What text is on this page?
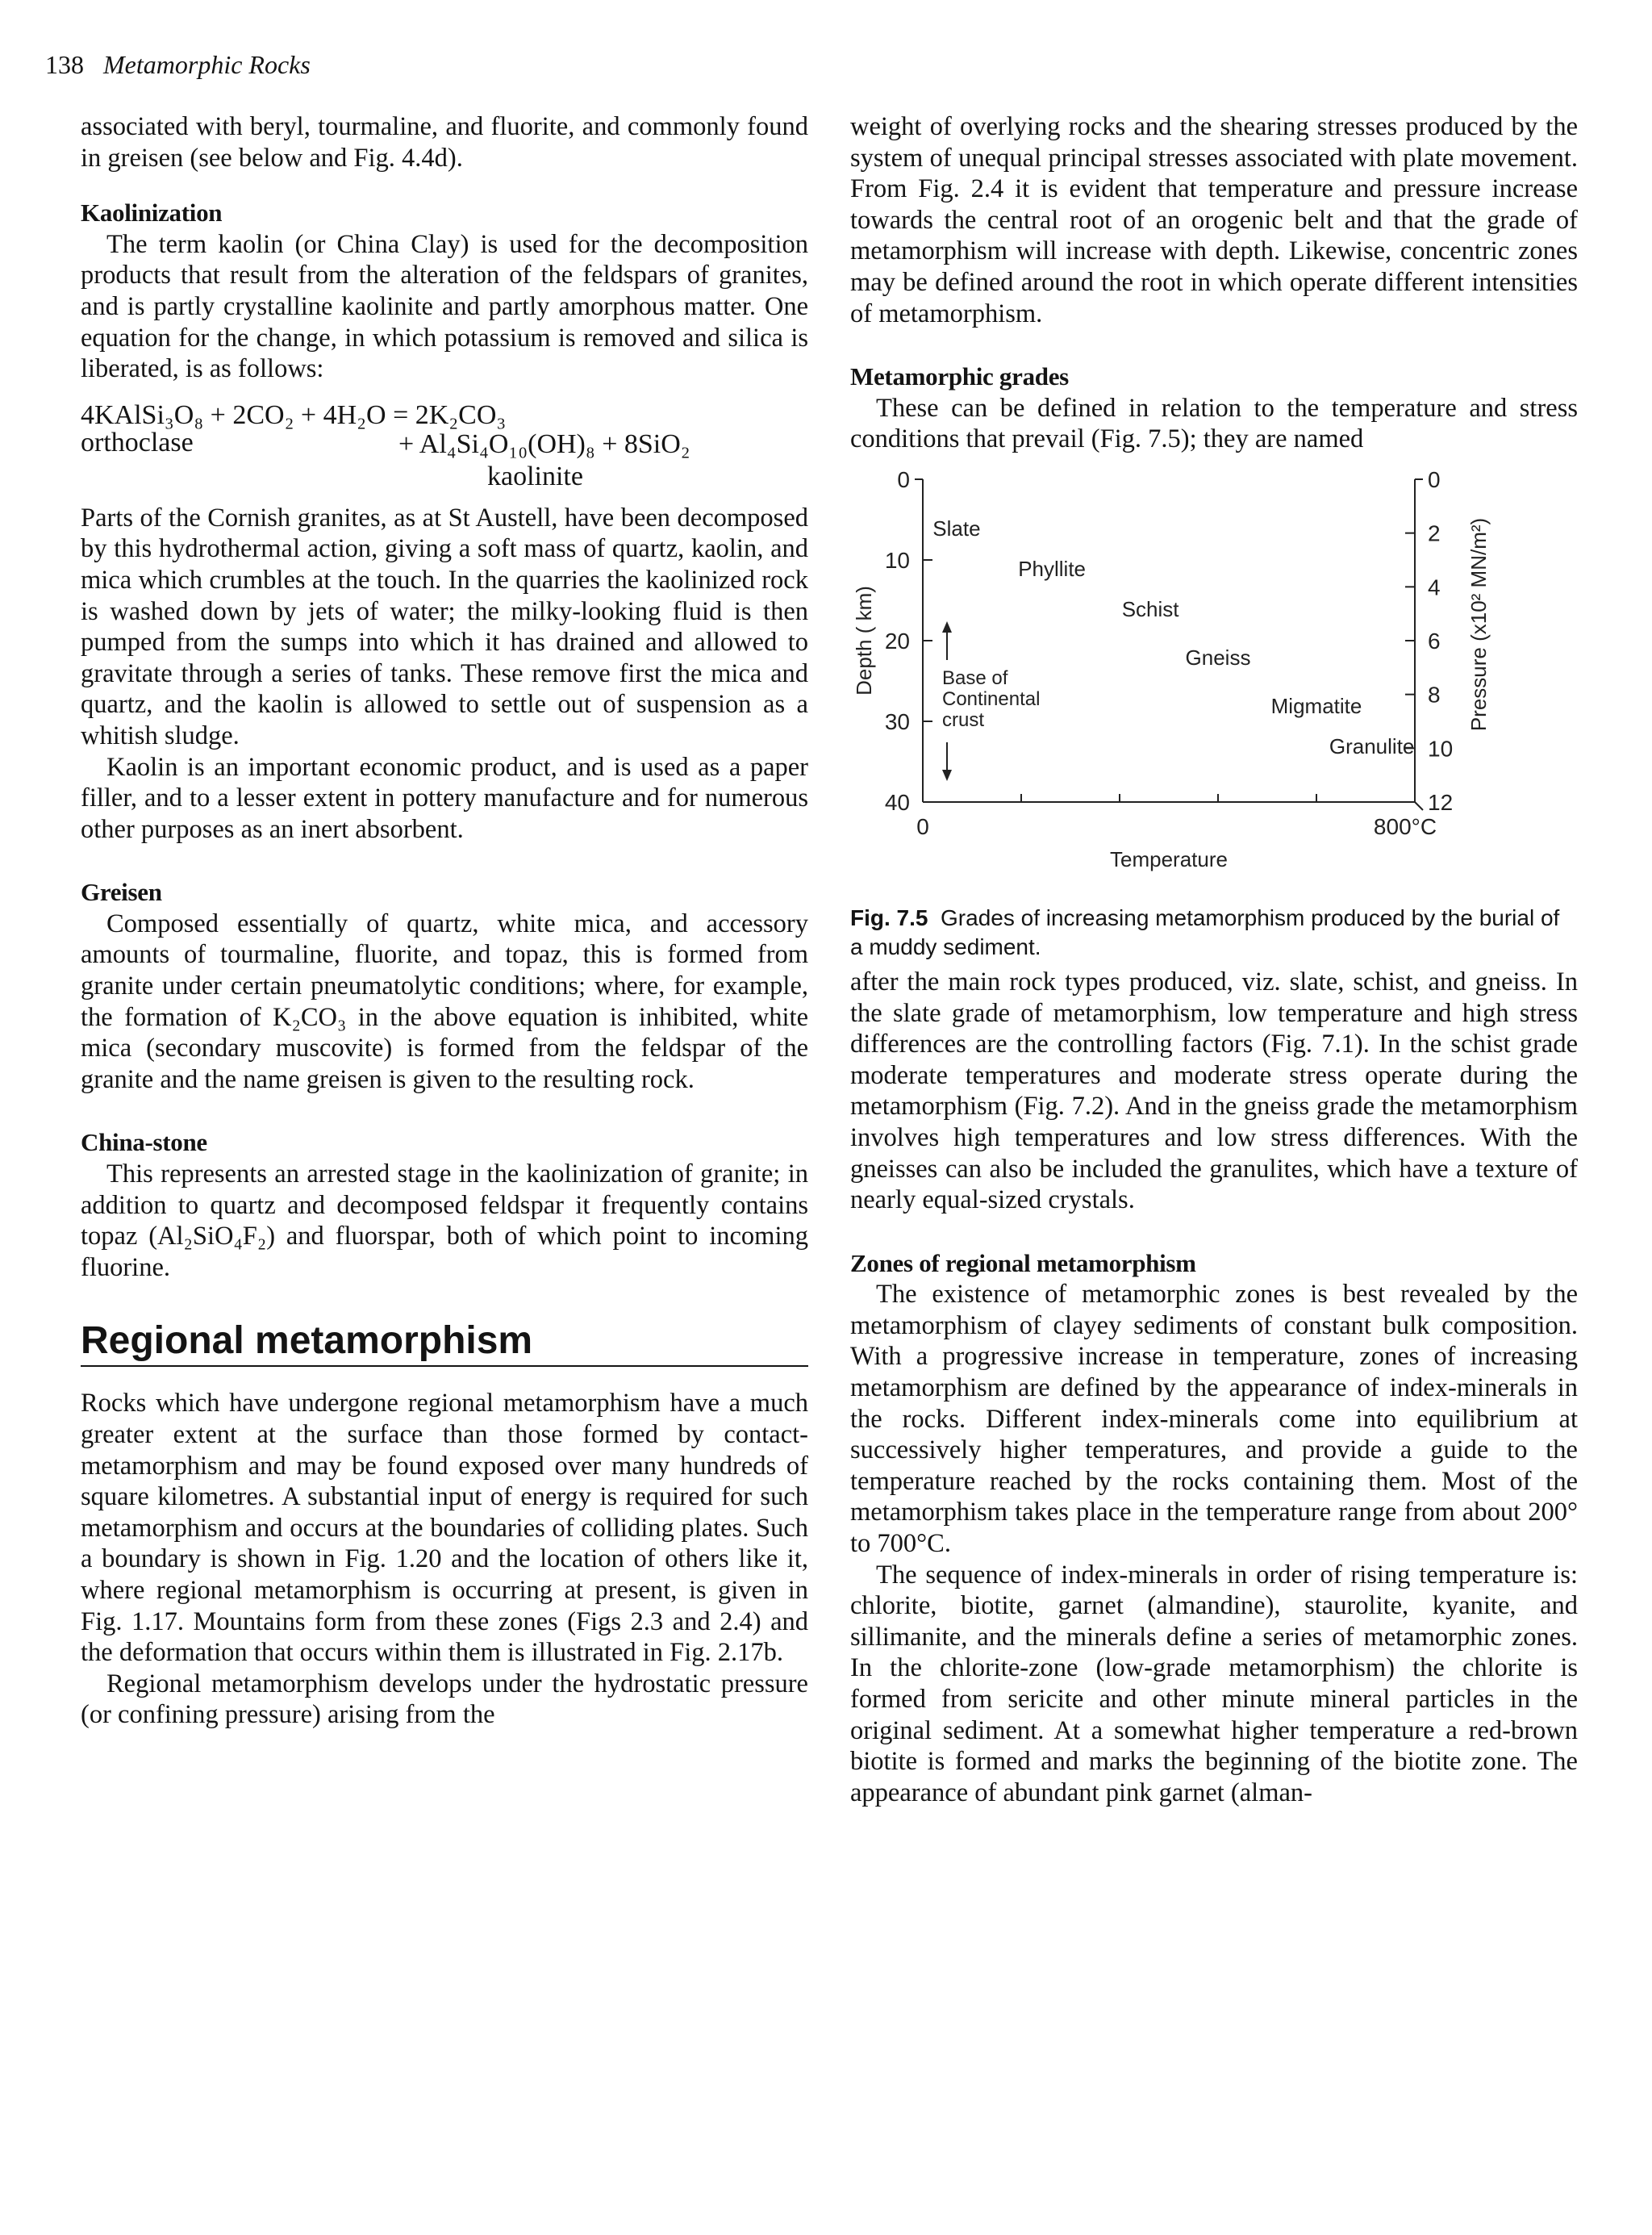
138 Metamorphic Rocks

associated with beryl, tourmaline, and fluorite, and commonly found in greisen (see below and Fig. 4.4d).

Kaolinization

The term kaolin (or China Clay) is used for the decomposition products that result from the alteration of the feldspars of granites, and is partly crystalline kaolinite and partly amorphous matter. One equation for the change, in which potassium is removed and silica is liberated, is as follows:

4KAlSi₃O₈ + 2CO₂ + 4H₂O = 2K₂CO₃
orthoclase	+ Al₄Si₄O₁₀(OH)₈ + 8SiO₂
kaolinite

Parts of the Cornish granites, as at St Austell, have been decomposed by this hydrothermal action, giving a soft mass of quartz, kaolin, and mica which crumbles at the touch. In the quarries the kaolinized rock is washed down by jets of water; the milky-looking fluid is then pumped from the sumps into which it has drained and allowed to gravitate through a series of tanks. These remove first the mica and quartz, and the kaolin is allowed to settle out of suspension as a whitish sludge.

Kaolin is an important economic product, and is used as a paper filler, and to a lesser extent in pottery manufacture and for numerous other purposes as an inert absorbent.

Greisen

Composed essentially of quartz, white mica, and accessory amounts of tourmaline, fluorite, and topaz, this is formed from granite under certain pneumatolytic conditions; where, for example, the formation of K₂CO₃ in the above equation is inhibited, white mica (secondary muscovite) is formed from the feldspar of the granite and the name greisen is given to the resulting rock.

China-stone

This represents an arrested stage in the kaolinization of granite; in addition to quartz and decomposed feldspar it frequently contains topaz (Al₂SiO₄F₂) and fluorspar, both of which point to incoming fluorine.

Regional metamorphism

Rocks which have undergone regional metamorphism have a much greater extent at the surface than those formed by contact-metamorphism and may be found exposed over many hundreds of square kilometres. A substantial input of energy is required for such metamorphism and occurs at the boundaries of colliding plates. Such a boundary is shown in Fig. 1.20 and the location of others like it, where regional metamorphism is occurring at present, is given in Fig. 1.17. Mountains form from these zones (Figs 2.3 and 2.4) and the deformation that occurs within them is illustrated in Fig. 2.17b.

Regional metamorphism develops under the hydrostatic pressure (or confining pressure) arising from the

weight of overlying rocks and the shearing stresses produced by the system of unequal principal stresses associated with plate movement. From Fig. 2.4 it is evident that temperature and pressure increase towards the central root of an orogenic belt and that the grade of metamorphism will increase with depth. Likewise, concentric zones may be defined around the root in which operate different intensities of metamorphism.

Metamorphic grades

These can be defined in relation to the temperature and stress conditions that prevail (Fig. 7.5); they are named

0
10
20
30
40
0
2
4
6
8
10
12
0	800°C
Temperature
Depth ( km)	Pressure (x10² MN/m²)
Slate
Phyllite
Schist
Gneiss
Migmatite
Granulite
Base of
Continental
crust
Fig. 7.5 Grades of increasing metamorphism produced by the burial of a muddy sediment.

after the main rock types produced, viz. slate, schist, and gneiss. In the slate grade of metamorphism, low temperature and high stress differences are the controlling factors (Fig. 7.1). In the schist grade moderate temperatures and moderate stress operate during the metamorphism (Fig. 7.2). And in the gneiss grade the metamorphism involves high temperatures and low stress differences. With the gneisses can also be included the granulites, which have a texture of nearly equal-sized crystals.

Zones of regional metamorphism

The existence of metamorphic zones is best revealed by the metamorphism of clayey sediments of constant bulk composition. With a progressive increase in temperature, zones of increasing metamorphism are defined by the appearance of index-minerals in the rocks. Different index-minerals come into equilibrium at successively higher temperatures, and provide a guide to the temperature reached by the rocks containing them. Most of the metamorphism takes place in the temperature range from about 200° to 700°C.

The sequence of index-minerals in order of rising temperature is: chlorite, biotite, garnet (almandine), staurolite, kyanite, and sillimanite, and the minerals define a series of metamorphic zones. In the chlorite-zone (low-grade metamorphism) the chlorite is formed from sericite and other minute mineral particles in the original sediment. At a somewhat higher temperature a red-brown biotite is formed and marks the beginning of the biotite zone. The appearance of abundant pink garnet (alman-
